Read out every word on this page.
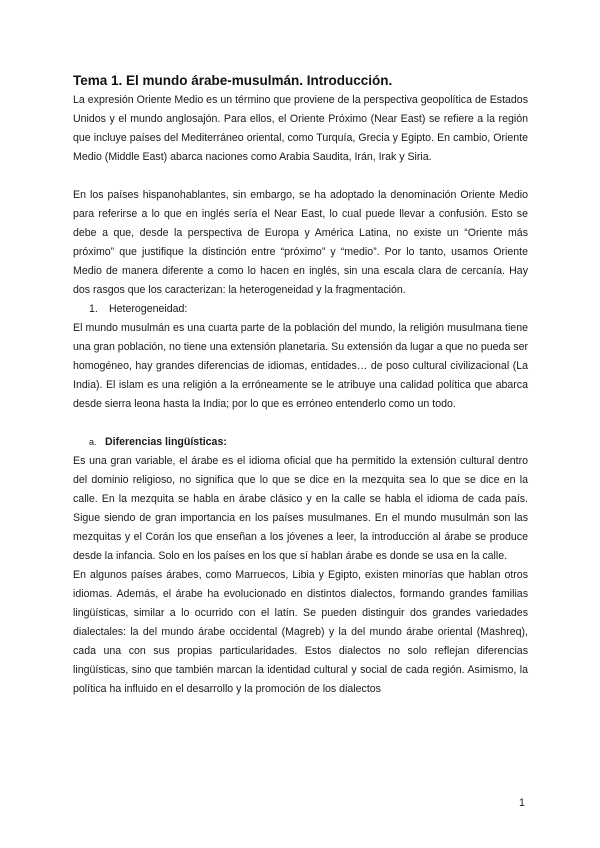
Tema 1. El mundo árabe-musulmán. Introducción.

La expresión Oriente Medio es un término que proviene de la perspectiva geopolítica de Estados Unidos y el mundo anglosajón. Para ellos, el Oriente Próximo (Near East) se refiere a la región que incluye países del Mediterráneo oriental, como Turquía, Grecia y Egipto. En cambio, Oriente Medio (Middle East) abarca naciones como Arabia Saudita, Irán, Irak y Siria.

En los países hispanohablantes, sin embargo, se ha adoptado la denominación Oriente Medio para referirse a lo que en inglés sería el Near East, lo cual puede llevar a confusión. Esto se debe a que, desde la perspectiva de Europa y América Latina, no existe un “Oriente más próximo” que justifique la distinción entre “próximo” y “medio”. Por lo tanto, usamos Oriente Medio de manera diferente a como lo hacen en inglés, sin una escala clara de cercanía. Hay dos rasgos que los caracterizan: la heterogeneidad y la fragmentación.

1.	Heterogeneidad:

El mundo musulmán es una cuarta parte de la población del mundo, la religión musulmana tiene una gran población, no tiene una extensión planetaria. Su extensión da lugar a que no pueda ser homogéneo, hay grandes diferencias de idiomas, entidades… de poso cultural civilizacional (La India). El islam es una religión a la erróneamente se le atribuye una calidad política que abarca desde sierra leona hasta la India; por lo que es erróneo entenderlo como un todo.

a. Diferencias lingüísticas:

Es una gran variable, el árabe es el idioma oficial que ha permitido la extensión cultural dentro del dominio religioso, no significa que lo que se dice en la mezquita sea lo que se dice en la calle. En la mezquita se habla en árabe clásico y en la calle se habla el idioma de cada país. Sigue siendo de gran importancia en los países musulmanes. En el mundo musulmán son las mezquitas y el Corán los que enseñan a los jóvenes a leer, la introducción al árabe se produce desde la infancia. Solo en los países en los que sí hablan árabe es donde se usa en la calle.

En algunos países árabes, como Marruecos, Libia y Egipto, existen minorías que hablan otros idiomas. Además, el árabe ha evolucionado en distintos dialectos, formando grandes familias lingüísticas, similar a lo ocurrido con el latín. Se pueden distinguir dos grandes variedades dialectales: la del mundo árabe occidental (Magreb) y la del mundo árabe oriental (Mashreq), cada una con sus propias particularidades. Estos dialectos no solo reflejan diferencias lingüísticas, sino que también marcan la identidad cultural y social de cada región. Asimismo, la política ha influido en el desarrollo y la promoción de los dialectos

1
